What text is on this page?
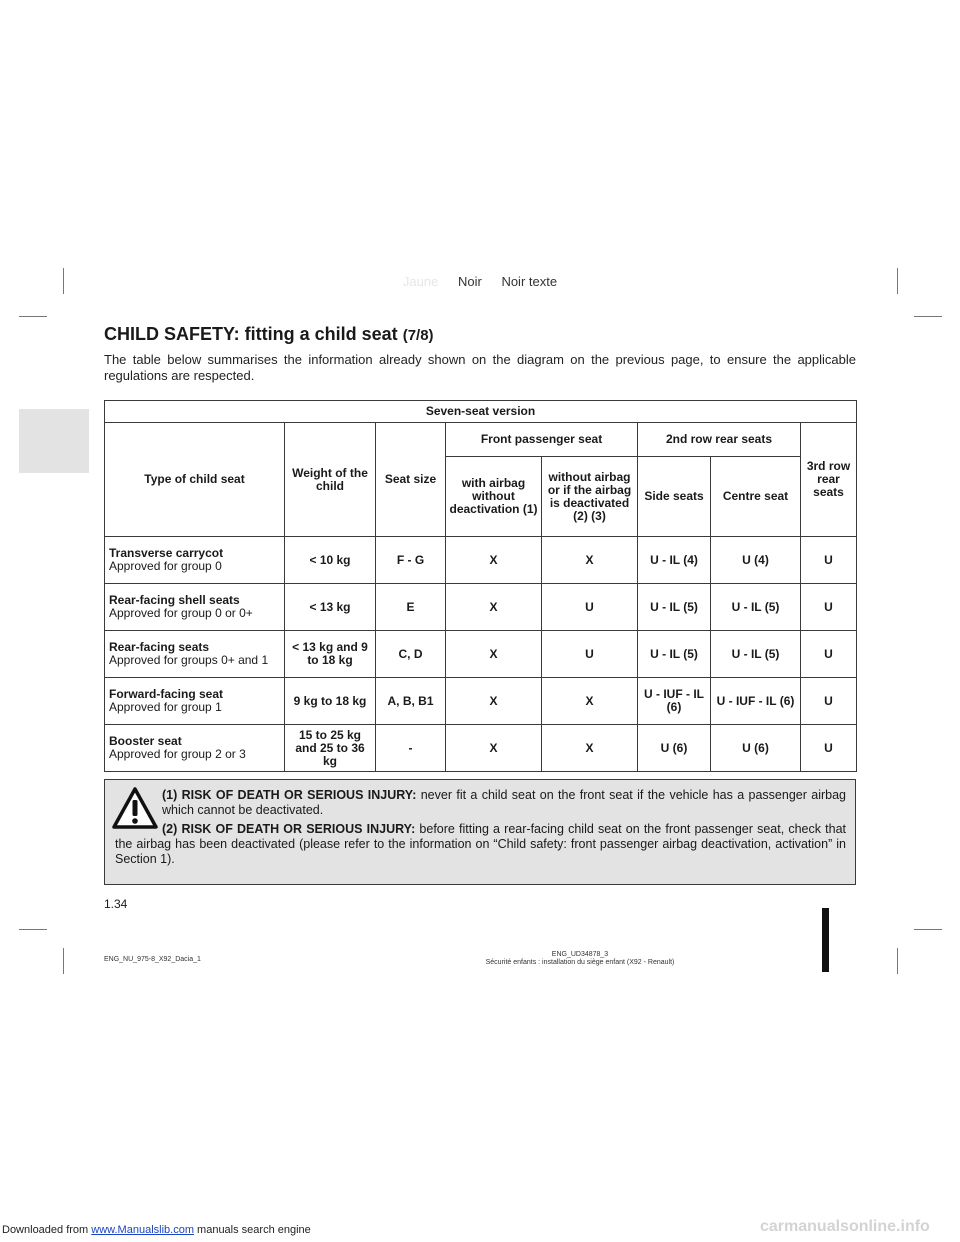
Jaune Noir Noir texte
CHILD SAFETY: fitting a child seat (7/8)
The table below summarises the information already shown on the diagram on the previous page, to ensure the applicable regulations are respected.
Seven-seat version							
Type of child seat	Weight of the child	Seat size	Front passenger seat		2nd row rear seats		3rd row rear seats
			with airbag without deactivation (1)	without airbag or if the airbag is deactivated (2) (3)	Side seats	Centre seat	
Transverse carrycot
Approved for group 0	< 10 kg	F - G	X	X	U - IL (4)	U (4)	U
Rear-facing shell seats
Approved for group 0 or 0+	< 13 kg	E	X	U	U - IL (5)	U - IL (5)	U
Rear-facing seats
Approved for groups 0+ and 1	< 13 kg and 9 to 18 kg	C, D	X	U	U - IL (5)	U - IL (5)	U
Forward-facing seat
Approved for group 1	9 kg to 18 kg	A, B, B1	X	X	U - IUF - IL (6)	U - IUF - IL (6)	U
Booster seat
Approved for group 2 or 3	15 to 25 kg and 25 to 36 kg	-	X	X	U (6)	U (6)	U
(1) RISK OF DEATH OR SERIOUS INJURY: never fit a child seat on the front seat if the vehicle has a passenger airbag which cannot be deactivated.
(2) RISK OF DEATH OR SERIOUS INJURY: before fitting a rear-facing child seat on the front passenger seat, check that the airbag has been deactivated (please refer to the information on “Child safety: front passenger airbag deactivation, activation” in Section 1).
1.34
ENG_NU_975-8_X92_Dacia_1
ENG_UD34878_3
Sécurité enfants : installation du siège enfant (X92 - Renault)
Downloaded from www.Manualslib.com manuals search engine	carmanualsonline.info
